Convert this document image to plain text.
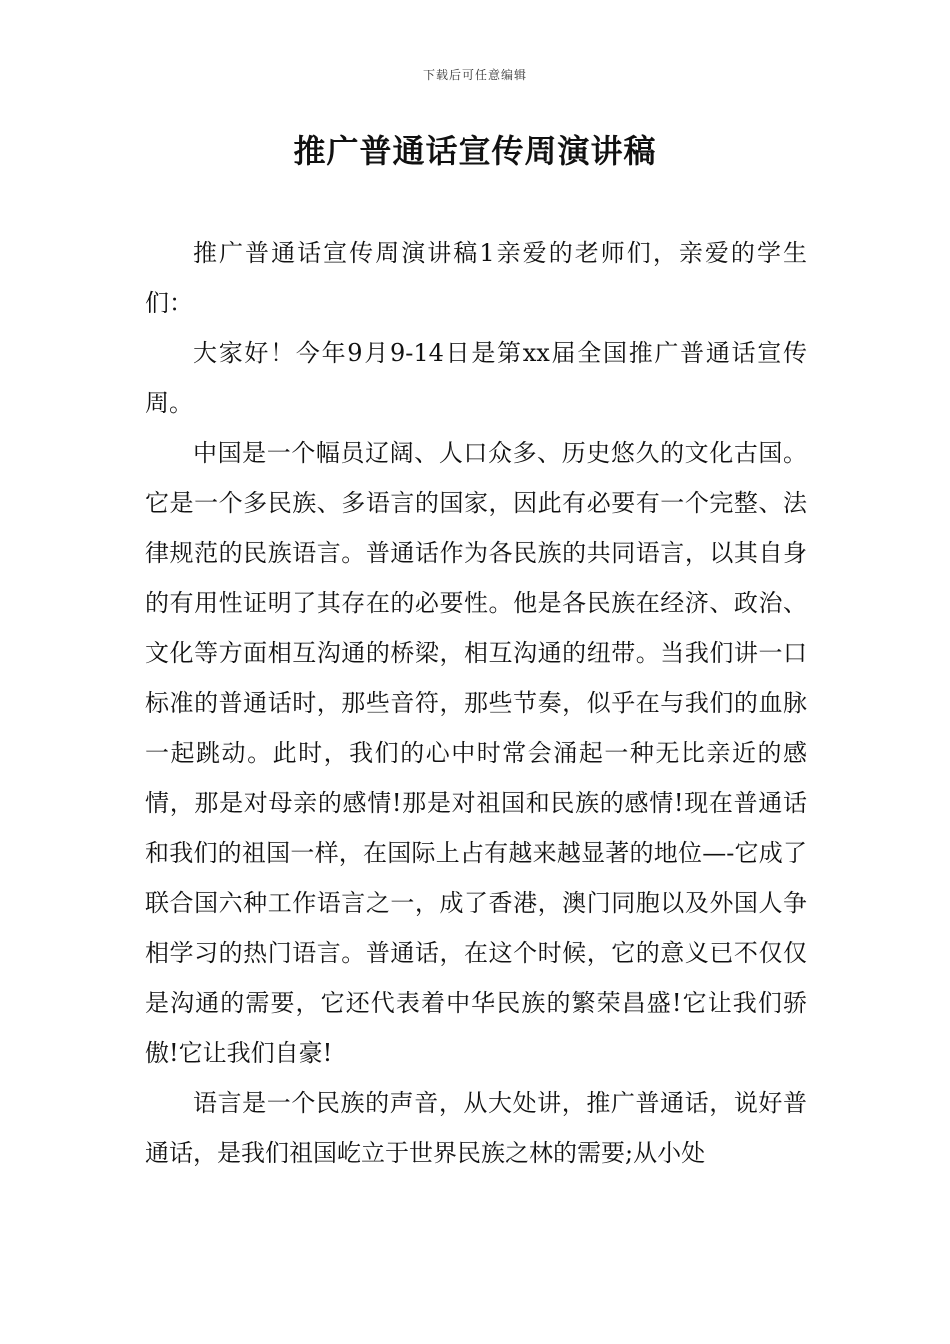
下载后可任意编辑
推广普通话宣传周演讲稿

推广普通话宣传周演讲稿1亲爱的老师们，亲爱的学生们：

大家好！今年9月9-14日是第xx届全国推广普通话宣传周。

中国是一个幅员辽阔、人口众多、历史悠久的文化古国。它是一个多民族、多语言的国家，因此有必要有一个完整、法律规范的民族语言。普通话作为各民族的共同语言，以其自身的有用性证明了其存在的必要性。他是各民族在经济、政治、文化等方面相互沟通的桥梁，相互沟通的纽带。当我们讲一口标准的普通话时，那些音符，那些节奏，似乎在与我们的血脉一起跳动。此时，我们的心中时常会涌起一种无比亲近的感情，那是对母亲的感情!那是对祖国和民族的感情!现在普通话和我们的祖国一样，在国际上占有越来越显著的地位—-它成了联合国六种工作语言之一，成了香港，澳门同胞以及外国人争相学习的热门语言。普通话，在这个时候，它的意义已不仅仅是沟通的需要，它还代表着中华民族的繁荣昌盛!它让我们骄傲!它让我们自豪!

语言是一个民族的声音，从大处讲，推广普通话，说好普通话，是我们祖国屹立于世界民族之林的需要;从小处
